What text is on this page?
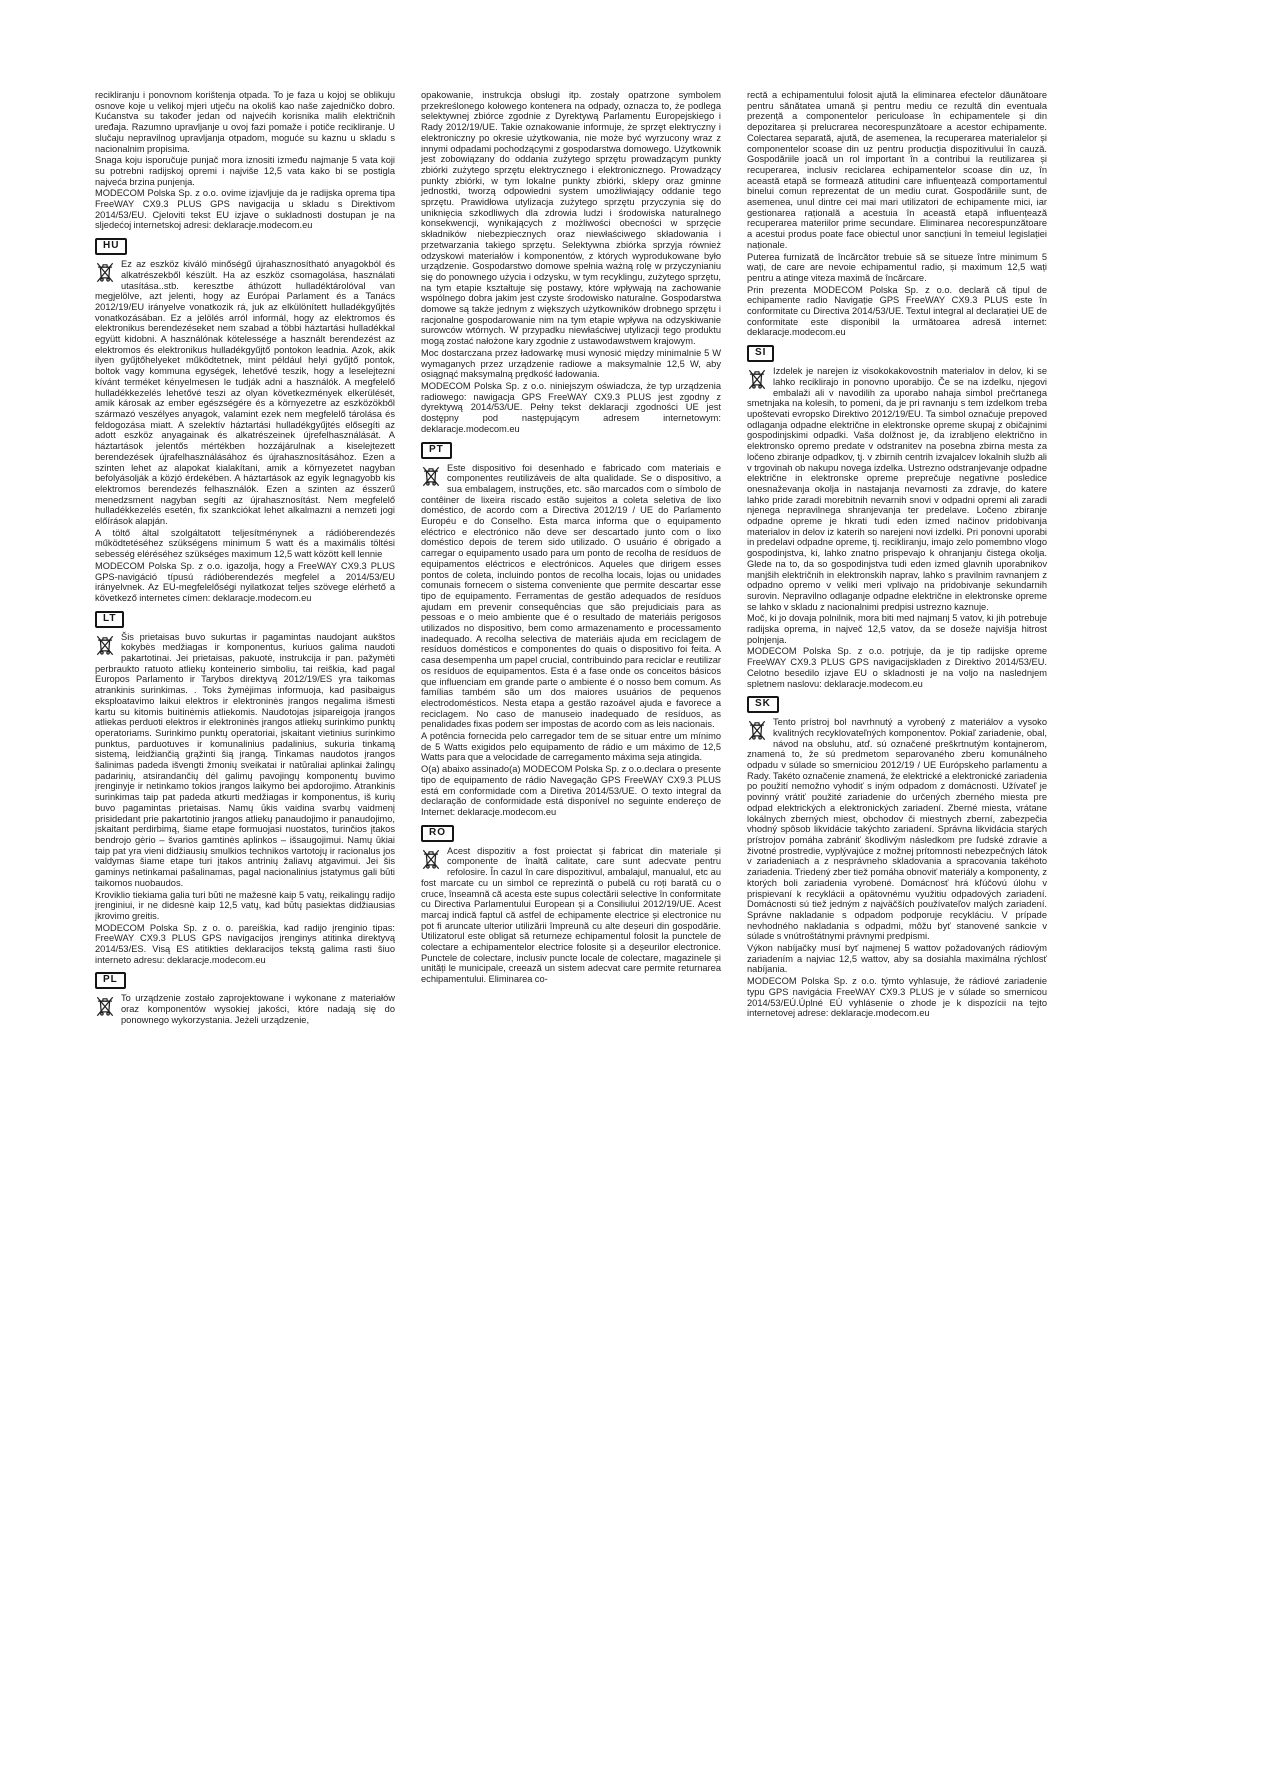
recikliranju i ponovnom korištenja otpada. To je faza u kojoj se oblikuju osnove koje u velikoj mjeri utječu na okoliš kao naše zajedničko dobro. Kućanstva su također jedan od najvećih korisnika malih električnih uređaja. Razumno upravljanje u ovoj fazi pomaže i potiče recikliranje. U slučaju nepravilnog upravljanja otpadom, moguće su kaznu u skladu s nacionalnim propisima.

Snaga koju isporučuje punjač mora iznositi između najmanje 5 vata koji su potrebni radijskoj opremi i najviše 12,5 vata kako bi se postigla najveća brzina punjenja.

MODECOM Polska Sp. z o.o. ovime izjavljuje da je radijska oprema tipa FreeWAY CX9.3 PLUS GPS navigacija u skladu s Direktivom 2014/53/EU. Cjeloviti tekst EU izjave o sukladnosti dostupan je na sljedećoj internetskoj adresi: deklaracje.modecom.eu

HU

Ez az eszköz kiváló minőségű újrahasznosítható anyagokból és alkatrészekből készült. Ha az eszköz csomagolása, használati utasítása..stb. keresztbe áthúzott hulladéktárolóval van megjelölve, azt jelenti, hogy az Európai Parlament és a Tanács 2012/19/EU irányelve vonatkozik rá, juk az elkülönített hulladékgyűjtés vonatkozásában. Ez a jelölés arról informál, hogy az elektromos és elektronikus berendezéseket nem szabad a többi háztartási hulladékkal együtt kidobni. A használónak kötelessége a használt berendezést az elektromos és elektronikus hulladékgyűjtő pontokon leadnia. Azok, akik ilyen gyűjtőhelyeket működtetnek, mint például helyi gyűjtő pontok, boltok vagy kommuna egységek, lehetővé teszik, hogy a leselejtezni kívánt terméket kényelmesen le tudják adni a használók. A megfelelő hulladékkezelés lehetővé teszi az olyan következmények elkerülését, amik károsak az ember egészségére és a környezetre az eszközökből származó veszélyes anyagok, valamint ezek nem megfelelő tárolása és feldogozása miatt. A szelektív háztartási hulladékgyűjtés elősegíti az adott eszköz anyagainak és alkatrészeinek újrefelhasználását. A háztartások jelentős mértékben hozzájárulnak a kiselejtezett berendezések újrafelhasználásához és újrahasznosításához. Ezen a szinten lehet az alapokat kialakítani, amik a környezetet nagyban befolyásolják a közjó érdekében. A háztartások az egyik legnagyobb kis elektromos berendezés felhasználók. Ezen a szinten az ésszerű menedzsment nagyban segíti az újrahasznosítást. Nem megfelelő hulladékkezelés esetén, fix szankciókat lehet alkalmazni a nemzeti jogi előírások alapján.

A töltő által szolgáltatott teljesítménynek a rádióberendezés működtetéséhez szükségens minimum 5 watt és a maximális töltési sebesség eléréséhez szükséges maximum 12,5 watt között kell lennie

MODECOM Polska Sp. z o.o. igazolja, hogy a FreeWAY CX9.3 PLUS GPS-navigáció típusú rádióberendezés megfelel a 2014/53/EU irányelvnek. Az EU-megfelelőségi nyilatkozat teljes szövege elérhető a következő internetes címen: deklaracje.modecom.eu

LT

Šis prietaisas buvo sukurtas ir pagamintas naudojant aukštos kokybės medžiagas ir komponentus, kuriuos galima naudoti pakartotinai. Jei prietaisas, pakuotė, instrukcija ir pan. pažymėti perbraukto ratuoto atliekų konteinerio simboliu, tai reiškia, kad pagal Europos Parlamento ir Tarybos direktyvą 2012/19/ES yra taikomas atrankinis surinkimas. . Toks žymėjimas informuoja, kad pasibaigus eksploatavimo laikui elektros ir elektroninės įrangos negalima išmesti kartu su kitomis buitinėmis atliekomis. Naudotojas įsipareigoja įrangos atliekas perduoti elektros ir elektroninės įrangos atliekų surinkimo punktų operatoriams. Surinkimo punktų operatoriai, įskaitant vietinius surinkimo punktus, parduotuves ir komunalinius padalinius, sukuria tinkamą sistemą, leidžiančią grąžinti šią įrangą. Tinkamas naudotos įrangos šalinimas padeda išvengti žmonių sveikatai ir natūraliai aplinkai žalingų padarinių, atsirandančių dėl galimų pavojingų komponentų buvimo įrenginyje ir netinkamo tokios įrangos laikymo bei apdorojimo. Atrankinis surinkimas taip pat padeda atkurti medžiagas ir komponentus, iš kurių buvo pagamintas prietaisas. Namų ūkis vaidina svarbų vaidmenį prisidedant prie pakartotinio įrangos atliekų panaudojimo ir panaudojimo, įskaitant perdirbimą, šiame etape formuojasi nuostatos, turinčios įtakos bendrojo gėrio – švarios gamtinės aplinkos – išsaugojimui. Namų ūkiai taip pat yra vieni didžiausių smulkios technikos vartotojų ir racionalus jos valdymas šiame etape turi įtakos antrinių žaliavų atgavimui. Jei šis gaminys netinkamai pašalinamas, pagal nacionalinius įstatymus gali būti taikomos nuobaudos.

Kroviklio tiekiama galia turi būti ne mažesnė kaip 5 vatų, reikalingų radijo įrenginiui, ir ne didesnė kaip 12,5 vatų, kad būtų pasiektas didžiausias įkrovimo greitis.

MODECOM Polska Sp. z o. o. pareiškia, kad radijo įrenginio tipas: FreeWAY CX9.3 PLUS GPS navigacijos įrenginys atitinka direktyvą 2014/53/ES. Visą ES atitikties deklaracijos tekstą galima rasti šiuo interneto adresu: deklaracje.modecom.eu

PL

To urządzenie zostało zaprojektowane i wykonane z materiałów oraz komponentów wysokiej jakości, które nadają się do ponownego wykorzystania. Jeżeli urządzenie,

opakowanie, instrukcja obsługi itp. zostały opatrzone symbolem przekreślonego kołowego kontenera na odpady, oznacza to, że podlega selektywnej zbiórce zgodnie z Dyrektywą Parlamentu Europejskiego i Rady 2012/19/UE. Takie oznakowanie informuje, że sprzęt elektryczny i elektroniczny po okresie użytkowania, nie może być wyrzucony wraz z innymi odpadami pochodzącymi z gospodarstwa domowego. Użytkownik jest zobowiązany do oddania zużytego sprzętu prowadzącym punkty zbiórki zużytego sprzętu elektrycznego i elektronicznego. Prowadzący punkty zbiórki, w tym lokalne punkty zbiórki, sklepy oraz gminne jednostki, tworzą odpowiedni system umożliwiający oddanie tego sprzętu. Prawidłowa utylizacja zużytego sprzętu przyczynia się do uniknięcia szkodliwych dla zdrowia ludzi i środowiska naturalnego konsekwencji, wynikających z możliwości obecności w sprzęcie składników niebezpiecznych oraz niewłaściwego składowania i przetwarzania takiego sprzętu. Selektywna zbiórka sprzyja również odzyskowi materiałów i komponentów, z których wyprodukowane było urządzenie. Gospodarstwo domowe spełnia ważną rolę w przyczynianiu się do ponownego użycia i odzysku, w tym recyklingu, zużytego sprzętu, na tym etapie kształtuje się postawy, które wpływają na zachowanie wspólnego dobra jakim jest czyste środowisko naturalne. Gospodarstwa domowe są także jednym z większych użytkowników drobnego sprzętu i racjonalne gospodarowanie nim na tym etapie wpływa na odzyskiwanie surowców wtórnych. W przypadku niewłaściwej utylizacji tego produktu mogą zostać nałożone kary zgodnie z ustawodawstwem krajowym.

Moc dostarczana przez ładowarkę musi wynosić między minimalnie 5 W wymaganych przez urządzenie radiowe a maksymalnie 12,5 W, aby osiągnąć maksymalną prędkość ładowania.

MODECOM Polska Sp. z o.o. niniejszym oświadcza, że typ urządzenia radiowego: nawigacja GPS FreeWAY CX9.3 PLUS jest zgodny z dyrektywą 2014/53/UE. Pełny tekst deklaracji zgodności UE jest dostępny pod następującym adresem internetowym: deklaracje.modecom.eu

PT

Este dispositivo foi desenhado e fabricado com materiais e componentes reutilizáveis de alta qualidade. Se o dispositivo, a sua embalagem, instruções, etc. são marcados com o símbolo de contêiner de lixeira riscado estão sujeitos a coleta seletiva de lixo doméstico, de acordo com a Directiva 2012/19 / UE do Parlamento Européu e do Conselho. Esta marca informa que o equipamento eléctrico e electrónico não deve ser descartado junto com o lixo doméstico depois de terem sido utilizado. O usuário é obrigado a carregar o equipamento usado para um ponto de recolha de resíduos de equipamentos eléctricos e electrónicos. Aqueles que dirigem esses pontos de coleta, incluindo pontos de recolha locais, lojas ou unidades comunais fornecem o sistema conveniente que permite descartar esse tipo de equipamento. Ferramentas de gestão adequados de resíduos ajudam em prevenir consequências que são prejudiciais para as pessoas e o meio ambiente que é o resultado de materiáis perigosos utilizados no dispositivo, bem como armazenamento e processamento inadequado. A recolha selectiva de materiáis ajuda em reciclagem de resíduos domésticos e componentes do quais o dispositivo foi feita. A casa desempenha um papel crucial, contribuindo para reciclar e reutilizar os resíduos de equipamentos. Esta é a fase onde os conceitos básicos que influenciam em grande parte o ambiente é o nosso bem comum. As famílias também são um dos maiores usuários de pequenos electrodomésticos. Nesta etapa a gestão razoável ajuda e favorece a reciclagem. No caso de manuseio inadequado de resíduos, as penalidades fixas podem ser impostas de acordo com as leis nacionais.

A potência fornecida pelo carregador tem de se situar entre um mínimo de 5 Watts exigidos pelo equipamento de rádio e um máximo de 12,5 Watts para que a velocidade de carregamento máxima seja atingida.

O(a) abaixo assinado(a) MODECOM Polska Sp. z o.o.declara o presente tipo de equipamento de rádio Navegação GPS FreeWAY CX9.3 PLUS está em conformidade com a Diretiva 2014/53/UE. O texto integral da declaração de conformidade está disponível no seguinte endereço de Internet: deklaracje.modecom.eu

RO

Acest dispozitiv a fost proiectat și fabricat din materiale și componente de înaltă calitate, care sunt adecvate pentru refolosire. În cazul în care dispozitivul, ambalajul, manualul, etc au fost marcate cu un simbol ce reprezintă o pubelă cu roți barată cu o cruce, înseamnă că acesta este supus colectării selective în conformitate cu Directiva Parlamentului European și a Consiliului 2012/19/UE. Acest marcaj indică faptul că astfel de echipamente electrice și electronice nu pot fi aruncate ulterior utilizării împreună cu alte deșeuri din gospodărie. Utilizatorul este obligat să returneze echipamentul folosit la punctele de colectare a echipamentelor electrice folosite și a deșeurilor electronice. Punctele de colectare, inclusiv puncte locale de colectare, magazinele și unități le municipale, creează un sistem adecvat care permite returnarea echipamentului. Eliminarea co-

rectă a echipamentului folosit ajută la eliminarea efectelor dăunătoare pentru sănătatea umană și pentru mediu ce rezultă din eventuala prezență a componentelor periculoase în echipamentele și din depozitarea și prelucrarea necorespunzătoare a acestor echipamente. Colectarea separată, ajută, de asemenea, la recuperarea materialelor și componentelor scoase din uz pentru producția dispozitivului în cauză. Gospodăriile joacă un rol important în a contribui la reutilizarea și recuperarea, inclusiv reciclarea echipamentelor scoase din uz, în această etapă se formează atitudini care influențează comportamentul binelui comun reprezentat de un mediu curat. Gospodăriile sunt, de asemenea, unul dintre cei mai mari utilizatori de echipamente mici, iar gestionarea rațională a acestuia în această etapă influențează recuperarea materiilor prime secundare. Eliminarea necorespunzătoare a acestui produs poate face obiectul unor sancțiuni în temeiul legislației naționale.

Puterea furnizată de încărcător trebuie să se situeze între minimum 5 wați, de care are nevoie echipamentul radio, și maximum 12,5 wați pentru a atinge viteza maximă de încărcare.

Prin prezenta MODECOM Polska Sp. z o.o. declară că tipul de echipamente radio Navigație GPS FreeWAY CX9.3 PLUS este în conformitate cu Directiva 2014/53/UE. Textul integral al declarației UE de conformitate este disponibil la următoarea adresă internet: deklaracje.modecom.eu

SI

Izdelek je narejen iz visokokakovostnih materialov in delov, ki se lahko reciklirajo in ponovno uporabijo. Če se na izdelku, njegovi embalaži ali v navodilih za uporabo nahaja simbol prečrtanega smetnjaka na kolesih, to pomeni, da je pri ravnanju s tem izdelkom treba upoštevati evropsko Direktivo 2012/19/EU. Ta simbol označuje prepoved odlaganja odpadne električne in elektronske opreme skupaj z običajnimi gospodinjskimi odpadki. Vaša dolžnost je, da izrabljeno električno in elektronsko opremo predate v odstranitev na posebna zbirna mesta za ločeno zbiranje odpadkov, tj. v zbirnih centrih izvajalcev lokalnih služb ali v trgovinah ob nakupu novega izdelka. Ustrezno odstranjevanje odpadne električne in elektronske opreme preprečuje negativne posledice onesnaževanja okolja in nastajanja nevarnosti za zdravje, do katere lahko pride zaradi morebitnih nevarnih snovi v odpadni opremi ali zaradi njenega nepravilnega shranjevanja ter predelave. Ločeno zbiranje odpadne opreme je hkrati tudi eden izmed načinov pridobivanja materialov in delov iz katerih so narejeni novi izdelki. Pri ponovni uporabi in predelavi odpadne opreme, tj. recikliranju, imajo zelo pomembno vlogo gospodinjstva, ki, lahko znatno prispevajo k ohranjanju čistega okolja. Glede na to, da so gospodinjstva tudi eden izmed glavnih uporabnikov manjših električnih in elektronskih naprav, lahko s pravilnim ravnanjem z odpadno opremo v veliki meri vplivajo na pridobivanje sekundarnih surovin. Nepravilno odlaganje odpadne električne in elektronske opreme se lahko v skladu z nacionalnimi predpisi ustrezno kaznuje.

Moč, ki jo dovaja polnilnik, mora biti med najmanj 5 vatov, ki jih potrebuje radijska oprema, in največ 12,5 vatov, da se doseže najvišja hitrost polnjenja.

MODECOM Polska Sp. z o.o. potrjuje, da je tip radijske opreme FreeWAY CX9.3 PLUS GPS navigacijskladen z Direktivo 2014/53/EU. Celotno besedilo izjave EU o skladnosti je na voljo na naslednjem spletnem naslovu: deklaracje.modecom.eu

SK

Tento prístroj bol navrhnutý a vyrobený z materiálov a vysoko kvalitných recyklovateľných komponentov. Pokiaľ zariadenie, obal, návod na obsluhu, atď. sú označené preškrtnutým kontajnerom, znamená to, že sú predmetom separovaného zberu komunálneho odpadu v súlade so smerniciou 2012/19 / UE Európskeho parlamentu a Rady. Takéto označenie znamená, že elektrické a elektronické zariadenia po použití nemožno vyhodiť s iným odpadom z domácnosti. Užívateľ je povinný vrátiť použité zariadenie do určených zberného miesta pre odpad elektrických a elektronických zariadení. Zberné miesta, vrátane lokálnych zberných miest, obchodov či miestnych zberní, zabezpečia vhodný spôsob likvidácie takýchto zariadení. Správna likvidácia starých prístrojov pomáha zabrániť škodlivým následkom pre ľudské zdravie a životné prostredie, vyplývajúce z možnej prítomnosti nebezpečných látok v zariadeniach a z nesprávneho skladovania a spracovania takéhoto zariadenia. Triedený zber tiež pomáha obnoviť materiály a komponenty, z ktorých boli zariadenia vyrobené. Domácnosť hrá kľúčovú úlohu v prispievaní k recyklácii a opätovnému využitiu odpadových zariadení. Domácnosti sú tiež jedným z najväčších používateľov malých zariadení. Správne nakladanie s odpadom podporuje recykláciu. V prípade nevhodného nakladania s odpadmi, môžu byť stanovené sankcie v súlade s vnútroštátnymi právnymi predpismi.

Výkon nabíjačky musí byť najmenej 5 wattov požadovaných rádiovým zariadením a najviac 12,5 wattov, aby sa dosiahla maximálna rýchlosť nabíjania.

MODECOM Polska Sp. z o.o. týmto vyhlasuje, že rádiové zariadenie typu GPS navigácia FreeWAY CX9.3 PLUS je v súlade so smernicou 2014/53/EÚ.Úplné EÚ vyhlásenie o zhode je k dispozícii na tejto internetovej adrese: deklaracje.modecom.eu
